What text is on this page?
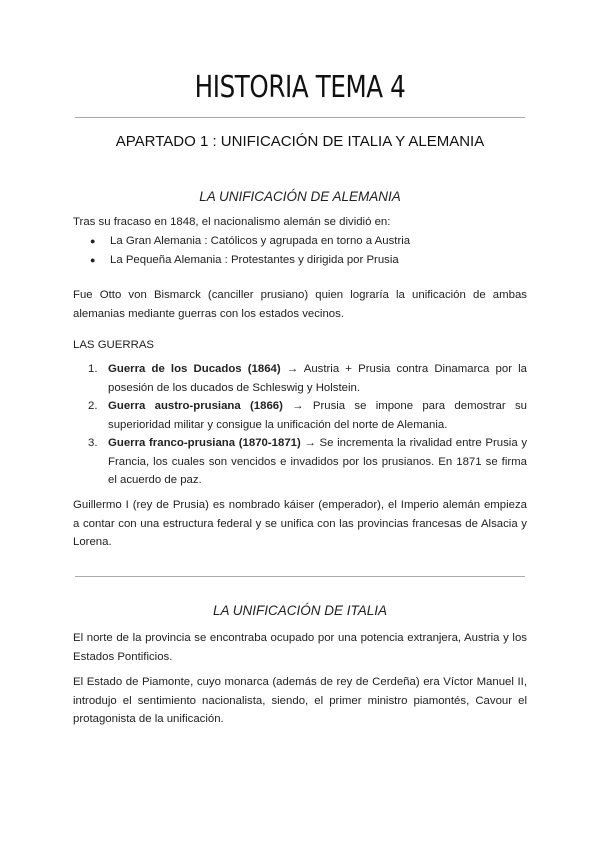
HISTORIA TEMA 4
APARTADO 1 : UNIFICACIÓN DE ITALIA Y ALEMANIA
LA UNIFICACIÓN DE ALEMANIA
Tras su fracaso en 1848, el nacionalismo alemán se dividió en:
● La Gran Alemania : Católicos y agrupada en torno a Austria
● La Pequeña Alemania : Protestantes y dirigida por Prusia
Fue Otto von Bismarck (canciller prusiano) quien lograría la unificación de ambas alemanias mediante guerras con los estados vecinos.
LAS GUERRAS
1. Guerra de los Ducados (1864) → Austria + Prusia contra Dinamarca por la posesión de los ducados de Schleswig y Holstein.
2. Guerra austro-prusiana (1866) → Prusia se impone para demostrar su superioridad militar y consigue la unificación del norte de Alemania.
3. Guerra franco-prusiana (1870-1871) → Se incrementa la rivalidad entre Prusia y Francia, los cuales son vencidos e invadidos por los prusianos. En 1871 se firma el acuerdo de paz.
Guillermo I (rey de Prusia) es nombrado káiser (emperador), el Imperio alemán empieza a contar con una estructura federal y se unifica con las provincias francesas de Alsacia y Lorena.
LA UNIFICACIÓN DE ITALIA
El norte de la provincia se encontraba ocupado por una potencia extranjera, Austria y los Estados Pontificios.
El Estado de Piamonte, cuyo monarca (además de rey de Cerdeña) era Víctor Manuel II, introdujo el sentimiento nacionalista, siendo, el primer ministro piamontés, Cavour el protagonista de la unificación.
